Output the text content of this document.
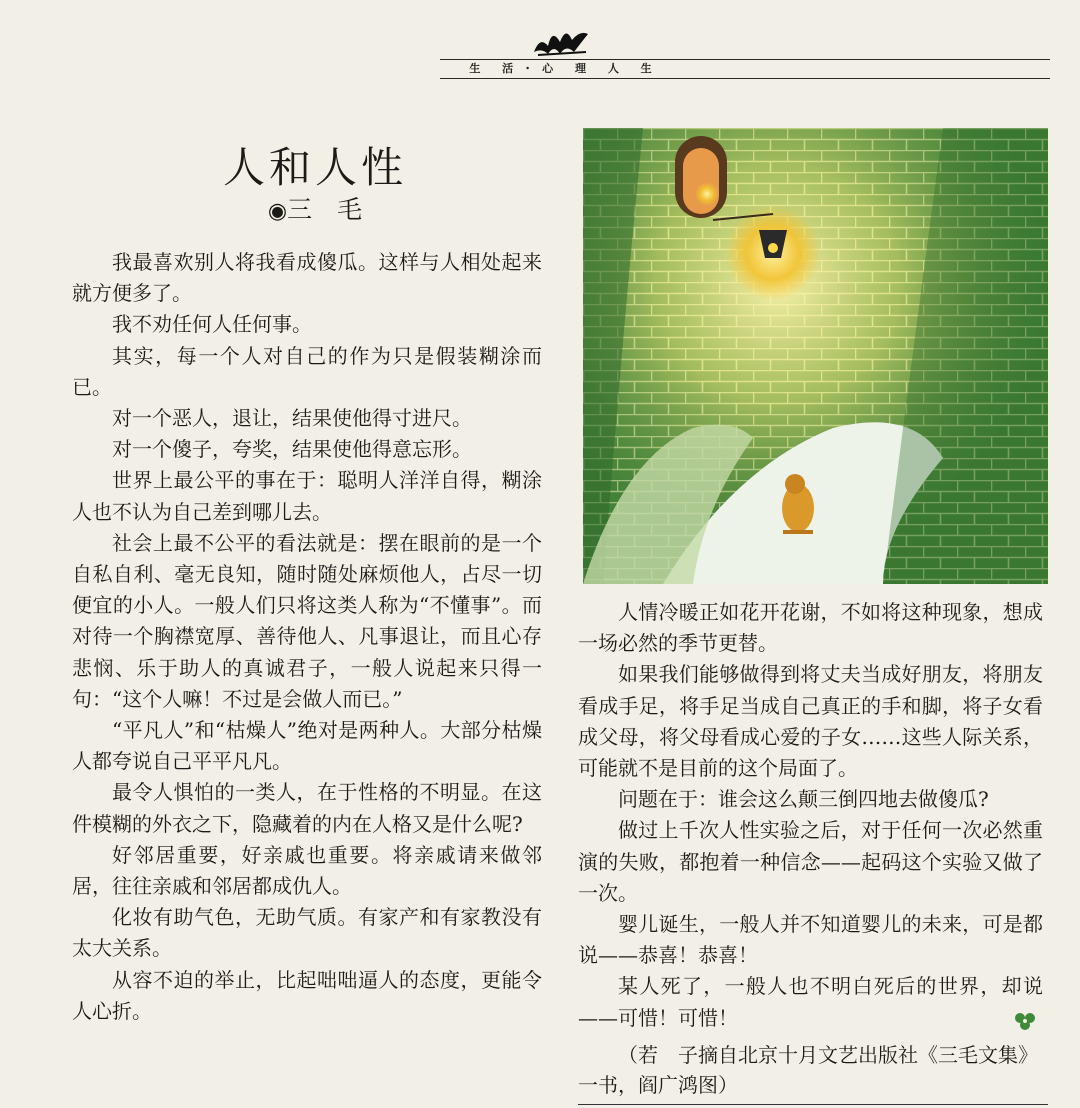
生 活・心 理 人 生
人和人性
◉三　毛

我最喜欢别人将我看成傻瓜。这样与人相处起来就方便多了。

我不劝任何人任何事。

其实，每一个人对自己的作为只是假装糊涂而已。

对一个恶人，退让，结果使他得寸进尺。

对一个傻子，夸奖，结果使他得意忘形。

世界上最公平的事在于：聪明人洋洋自得，糊涂人也不认为自己差到哪儿去。

社会上最不公平的看法就是：摆在眼前的是一个自私自利、毫无良知，随时随处麻烦他人，占尽一切便宜的小人。一般人们只将这类人称为“不懂事”。而对待一个胸襟宽厚、善待他人、凡事退让，而且心存悲悯、乐于助人的真诚君子，一般人说起来只得一句：“这个人嘛！不过是会做人而已。”

“平凡人”和“枯燥人”绝对是两种人。大部分枯燥人都夸说自己平平凡凡。

最令人惧怕的一类人，在于性格的不明显。在这件模糊的外衣之下，隐藏着的内在人格又是什么呢?

好邻居重要，好亲戚也重要。将亲戚请来做邻居，往往亲戚和邻居都成仇人。

化妆有助气色，无助气质。有家产和有家教没有太大关系。

从容不迫的举止，比起咄咄逼人的态度，更能令人心折。

人情冷暖正如花开花谢，不如将这种现象，想成一场必然的季节更替。

如果我们能够做得到将丈夫当成好朋友，将朋友看成手足，将手足当成自己真正的手和脚，将子女看成父母，将父母看成心爱的子女……这些人际关系，可能就不是目前的这个局面了。

问题在于：谁会这么颠三倒四地去做傻瓜?

做过上千次人性实验之后，对于任何一次必然重演的失败，都抱着一种信念——起码这个实验又做了一次。

婴儿诞生，一般人并不知道婴儿的未来，可是都说——恭喜！恭喜！

某人死了，一般人也不明白死后的世界，却说——可惜！可惜！

（若　子摘自北京十月文艺出版社《三毛文集》一书，阎广鸿图）
